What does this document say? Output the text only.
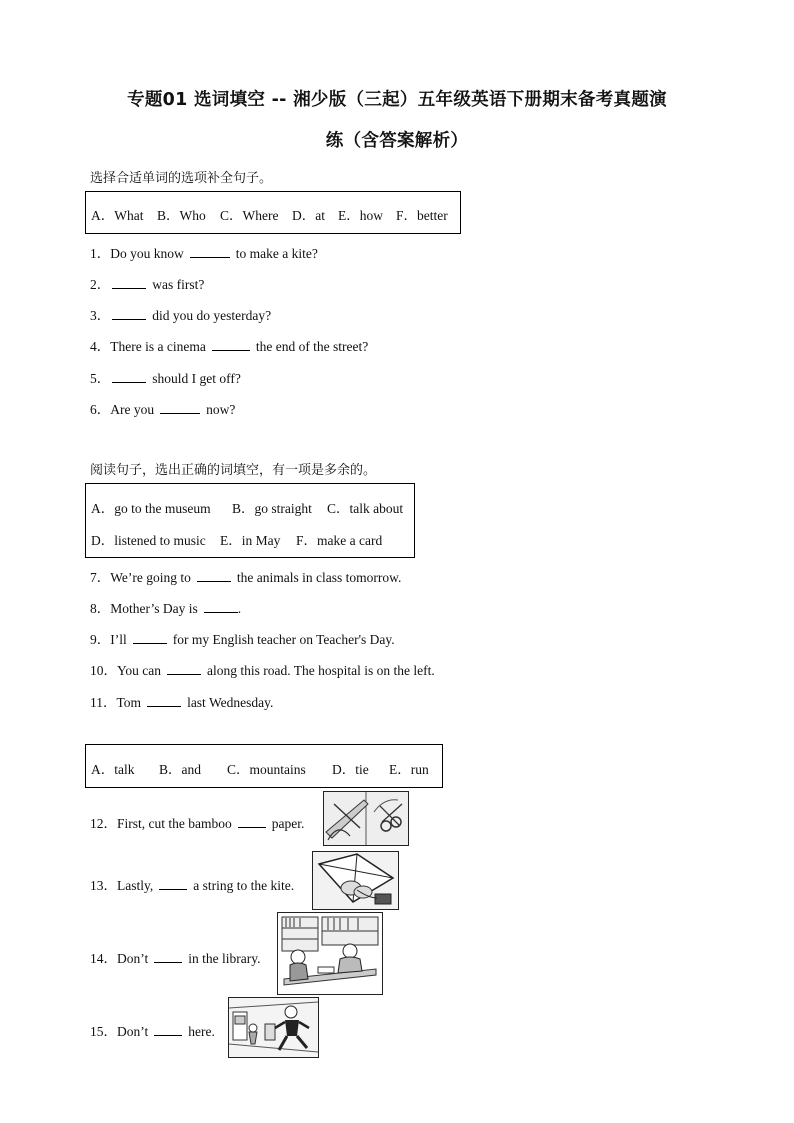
专题01 选词填空 -- 湘少版（三起）五年级英语下册期末备考真题演
练（含答案解析）
选择合适单词的选项补全句子。
A．What B．Who C．Where D．at E．how F．better
1．Do you know	to make a kite?
2．	was first?
3．	did you do yesterday?
4．There is a cinema	the end of the street?
5．	should I get off?
6．Are you	now?
阅读句子，选出正确的词填空，有一项是多余的。
A．go to the museum B．go straight C．talk about
D．listened to music E．in May F．make a card
7．We’re going to	the animals in class tomorrow.
8．Mother’s Day is	.
9．I’ll	for my English teacher on Teacher's Day.
10．You can	along this road. The hospital is on the left.
11．Tom	last Wednesday.
A．talk B．and C．mountains D．tie E．run
12．First, cut the bamboo	paper.
13．Lastly,	a string to the kite.
14．Don’t	in the library.
15．Don’t	here.
